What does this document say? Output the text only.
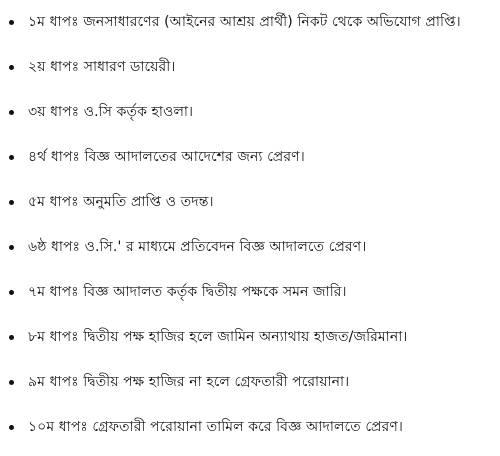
১ম ধাপঃ জনসাধারণের (আইনের আশ্রয় প্রার্থী) নিকট থেকে অভিযোগ প্রাপ্তি।
২য় ধাপঃ সাধারণ ডায়েরী।
৩য় ধাপঃ ও.সি কর্তৃক হাওলা।
৪র্থ ধাপঃ বিজ্ঞ আদালতের আদেশের জন্য প্রেরণ।
৫ম ধাপঃ অনুমতি প্রাপ্তি ও তদন্ত।
৬ষ্ঠ ধাপঃ ও.সি.' র মাধ্যমে প্রতিবেদন বিজ্ঞ আদালতে প্রেরণ।
৭ম ধাপঃ বিজ্ঞ আদালত কর্তৃক দ্বিতীয় পক্ষকে সমন জারি।
৮ম ধাপঃ দ্বিতীয় পক্ষ হাজির হলে জামিন অন্যাথায় হাজত/জরিমানা।
৯ম ধাপঃ দ্বিতীয় পক্ষ হাজির না হলে গ্রেফতারী পরোয়ানা।
১০ম ধাপঃ গ্রেফতারী পরোয়ানা তামিল করে বিজ্ঞ আদালতে প্রেরণ।
